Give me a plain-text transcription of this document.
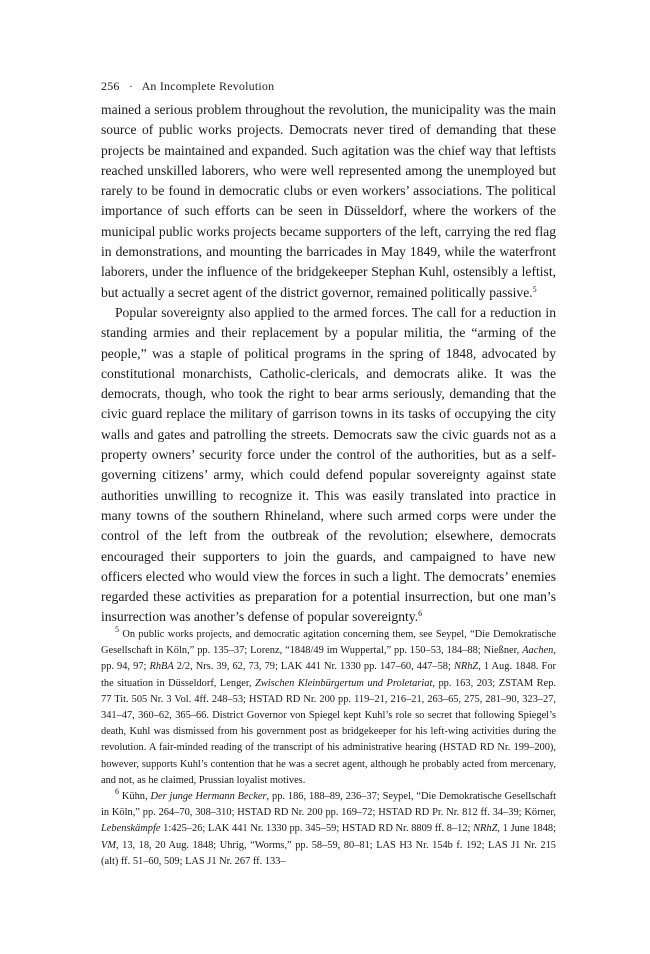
256 · An Incomplete Revolution

mained a serious problem throughout the revolution, the municipality was the main source of public works projects. Democrats never tired of demanding that these projects be maintained and expanded. Such agitation was the chief way that leftists reached unskilled laborers, who were well represented among the unemployed but rarely to be found in democratic clubs or even workers’ associations. The political importance of such efforts can be seen in Düsseldorf, where the workers of the municipal public works projects became supporters of the left, carrying the red flag in demonstrations, and mounting the barricades in May 1849, while the waterfront laborers, under the influence of the bridgekeeper Stephan Kuhl, ostensibly a leftist, but actually a secret agent of the district governor, remained politically passive.$^5$

Popular sovereignty also applied to the armed forces. The call for a reduction in standing armies and their replacement by a popular militia, the “arming of the people,” was a staple of political programs in the spring of 1848, advocated by constitutional monarchists, Catholic-clericals, and democrats alike. It was the democrats, though, who took the right to bear arms seriously, demanding that the civic guard replace the military of garrison towns in its tasks of occupying the city walls and gates and patrolling the streets. Democrats saw the civic guards not as a property owners’ security force under the control of the authorities, but as a self-governing citizens’ army, which could defend popular sovereignty against state authorities unwilling to recognize it. This was easily translated into practice in many towns of the southern Rhineland, where such armed corps were under the control of the left from the outbreak of the revolution; elsewhere, democrats encouraged their supporters to join the guards, and campaigned to have new officers elected who would view the forces in such a light. The democrats’ enemies regarded these activities as preparation for a potential insurrection, but one man’s insurrection was another’s defense of popular sovereignty.$^6$

$^5$ On public works projects, and democratic agitation concerning them, see Seypel, “Die Demokratische Gesellschaft in Köln,” pp. 135–37; Lorenz, “1848/49 im Wuppertal,” pp. 150–53, 184–88; Nießner, Aachen, pp. 94, 97; RhBA 2/2, Nrs. 39, 62, 73, 79; LAK 441 Nr. 1330 pp. 147–60, 447–58; NRhZ, 1 Aug. 1848. For the situation in Düsseldorf, Lenger, Zwischen Kleinbürgertum und Proletariat, pp. 163, 203; ZSTAM Rep. 77 Tit. 505 Nr. 3 Vol. 4ff. 248–53; HSTAD RD Nr. 200 pp. 119–21, 216–21, 263–65, 275, 281–90, 323–27, 341–47, 360–62, 365–66. District Governor von Spiegel kept Kuhl’s role so secret that following Spiegel’s death, Kuhl was dismissed from his government post as bridgekeeper for his left-wing activities during the revolution. A fair-minded reading of the transcript of his administrative hearing (HSTAD RD Nr. 199–200), however, supports Kuhl’s contention that he was a secret agent, although he probably acted from mercenary, and not, as he claimed, Prussian loyalist motives.

$^6$ Kühn, Der junge Hermann Becker, pp. 186, 188–89, 236–37; Seypel, “Die Demokratische Gesellschaft in Köln,” pp. 264–70, 308–310; HSTAD RD Nr. 200 pp. 169–72; HSTAD RD Pr. Nr. 812 ff. 34–39; Körner, Lebenskämpfe 1:425–26; LAK 441 Nr. 1330 pp. 345–59; HSTAD RD Nr. 8809 ff. 8–12; NRhZ, 1 June 1848; VM, 13, 18, 20 Aug. 1848; Uhrig, “Worms,” pp. 58–59, 80–81; LAS H3 Nr. 154b f. 192; LAS J1 Nr. 215 (alt) ff. 51–60, 509; LAS J1 Nr. 267 ff. 133–
